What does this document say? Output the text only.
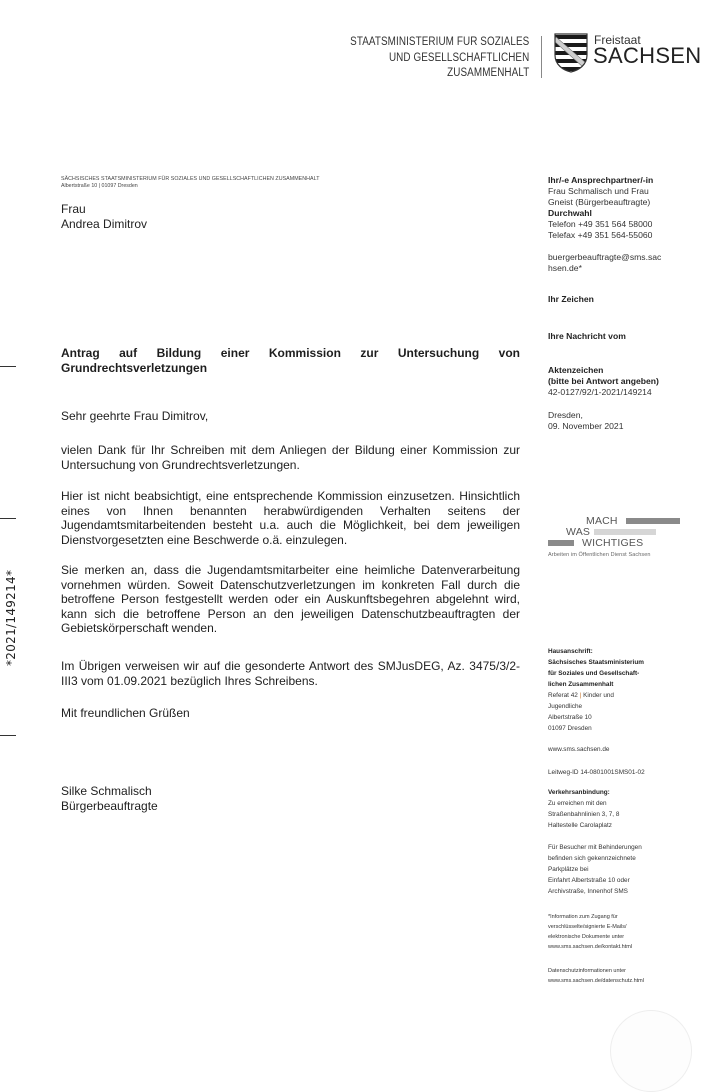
STAATSMINISTERIUM FÜR SOZIALES
UND GESELLSCHAFTLICHEN
ZUSAMMENHALT
Freistaat
SACHSEN
SÄCHSISCHES STAATSMINISTERIUM FÜR SOZIALES UND GESELLSCHAFTLICHEN ZUSAMMENHALT
Albertstraße 10 | 01097 Dresden
Frau
Andrea Dimitrov
*2021/149214*
Antrag auf Bildung einer Kommission zur Untersuchung von
Grundrechtsverletzungen
Sehr geehrte Frau Dimitrov,
vielen Dank für Ihr Schreiben mit dem Anliegen der Bildung einer Kommission zur Untersuchung von Grundrechtsverletzungen.
Hier ist nicht beabsichtigt, eine entsprechende Kommission einzusetzen. Hinsichtlich eines von Ihnen benannten herabwürdigenden Verhalten seitens der Jugendamtsmitarbeitenden besteht u.a. auch die Möglichkeit, bei dem jeweiligen Dienstvorgesetzten eine Beschwerde o.ä. einzulegen.
Sie merken an, dass die Jugendamtsmitarbeiter eine heimliche Datenverarbeitung vornehmen würden. Soweit Datenschutzverletzungen im konkreten Fall durch die betroffene Person festgestellt werden oder ein Auskunftsbegehren abgelehnt wird, kann sich die betroffene Person an den jeweiligen Datenschutzbeauftragten der Gebietskörperschaft wenden.
Im Übrigen verweisen wir auf die gesonderte Antwort des SMJusDEG, Az. 3475/3/2-III3 vom 01.09.2021 bezüglich Ihres Schreibens.
Mit freundlichen Grüßen
Silke Schmalisch
Bürgerbeauftragte
Ihr/-e Ansprechpartner/-in
Frau Schmalisch und Frau
Gneist (Bürgerbeauftragte)
Durchwahl
Telefon +49 351 564 58000
Telefax +49 351 564-55060

buergerbeauftragte@sms.sac
hsen.de*
Ihr Zeichen
Ihre Nachricht vom
Aktenzeichen
(bitte bei Antwort angeben)
42-0127/92/1-2021/149214
Dresden,
09. November 2021
MACH
WAS
WICHTIGES
Arbeiten im Öffentlichen Dienst Sachsen
Hausanschrift:
Sächsisches Staatsministerium
für Soziales und Gesellschaft-
lichen Zusammenhalt
Referat 42 | Kinder und
Jugendliche
Albertstraße 10
01097 Dresden
www.sms.sachsen.de
Leitweg-ID 14-0801001SMS01-02
Verkehrsanbindung:
Zu erreichen mit den
Straßenbahnlinien 3, 7, 8
Haltestelle Carolaplatz

Für Besucher mit Behinderungen
befinden sich gekennzeichnete
Parkplätze bei
Einfahrt Albertstraße 10 oder
Archivstraße, Innenhof SMS
*Information zum Zugang für
verschlüsselte/signierte E-Mails/
elektronische Dokumente unter
www.sms.sachsen.de/kontakt.html
Datenschutzinformationen unter
www.sms.sachsen.de/datenschutz.html
